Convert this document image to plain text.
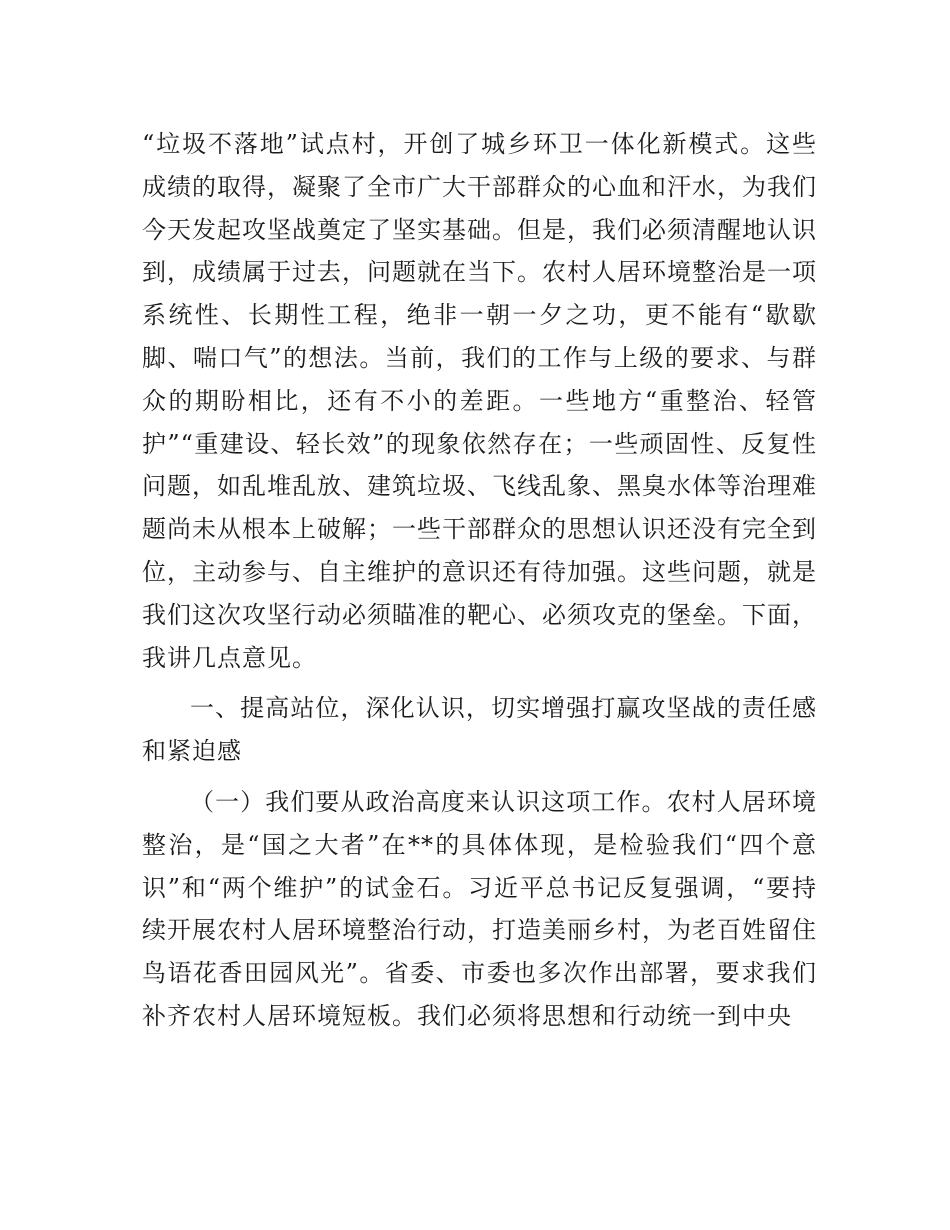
“垃圾不落地”试点村，开创了城乡环卫一体化新模式。这些成绩的取得，凝聚了全市广大干部群众的心血和汗水，为我们今天发起攻坚战奠定了坚实基础。但是，我们必须清醒地认识到，成绩属于过去，问题就在当下。农村人居环境整治是一项系统性、长期性工程，绝非一朝一夕之功，更不能有“歇歇脚、喘口气”的想法。当前，我们的工作与上级的要求、与群众的期盼相比，还有不小的差距。一些地方“重整治、轻管护”“重建设、轻长效”的现象依然存在；一些顽固性、反复性问题，如乱堆乱放、建筑垃圾、飞线乱象、黑臭水体等治理难题尚未从根本上破解；一些干部群众的思想认识还没有完全到位，主动参与、自主维护的意识还有待加强。这些问题，就是我们这次攻坚行动必须瞄准的靶心、必须攻克的堡垒。下面，我讲几点意见。

一、提高站位，深化认识，切实增强打赢攻坚战的责任感和紧迫感

（一）我们要从政治高度来认识这项工作。农村人居环境整治，是“国之大者”在**的具体体现，是检验我们“四个意识”和“两个维护”的试金石。习近平总书记反复强调，“要持续开展农村人居环境整治行动，打造美丽乡村，为老百姓留住鸟语花香田园风光”。省委、市委也多次作出部署，要求我们补齐农村人居环境短板。我们必须将思想和行动统一到中央
